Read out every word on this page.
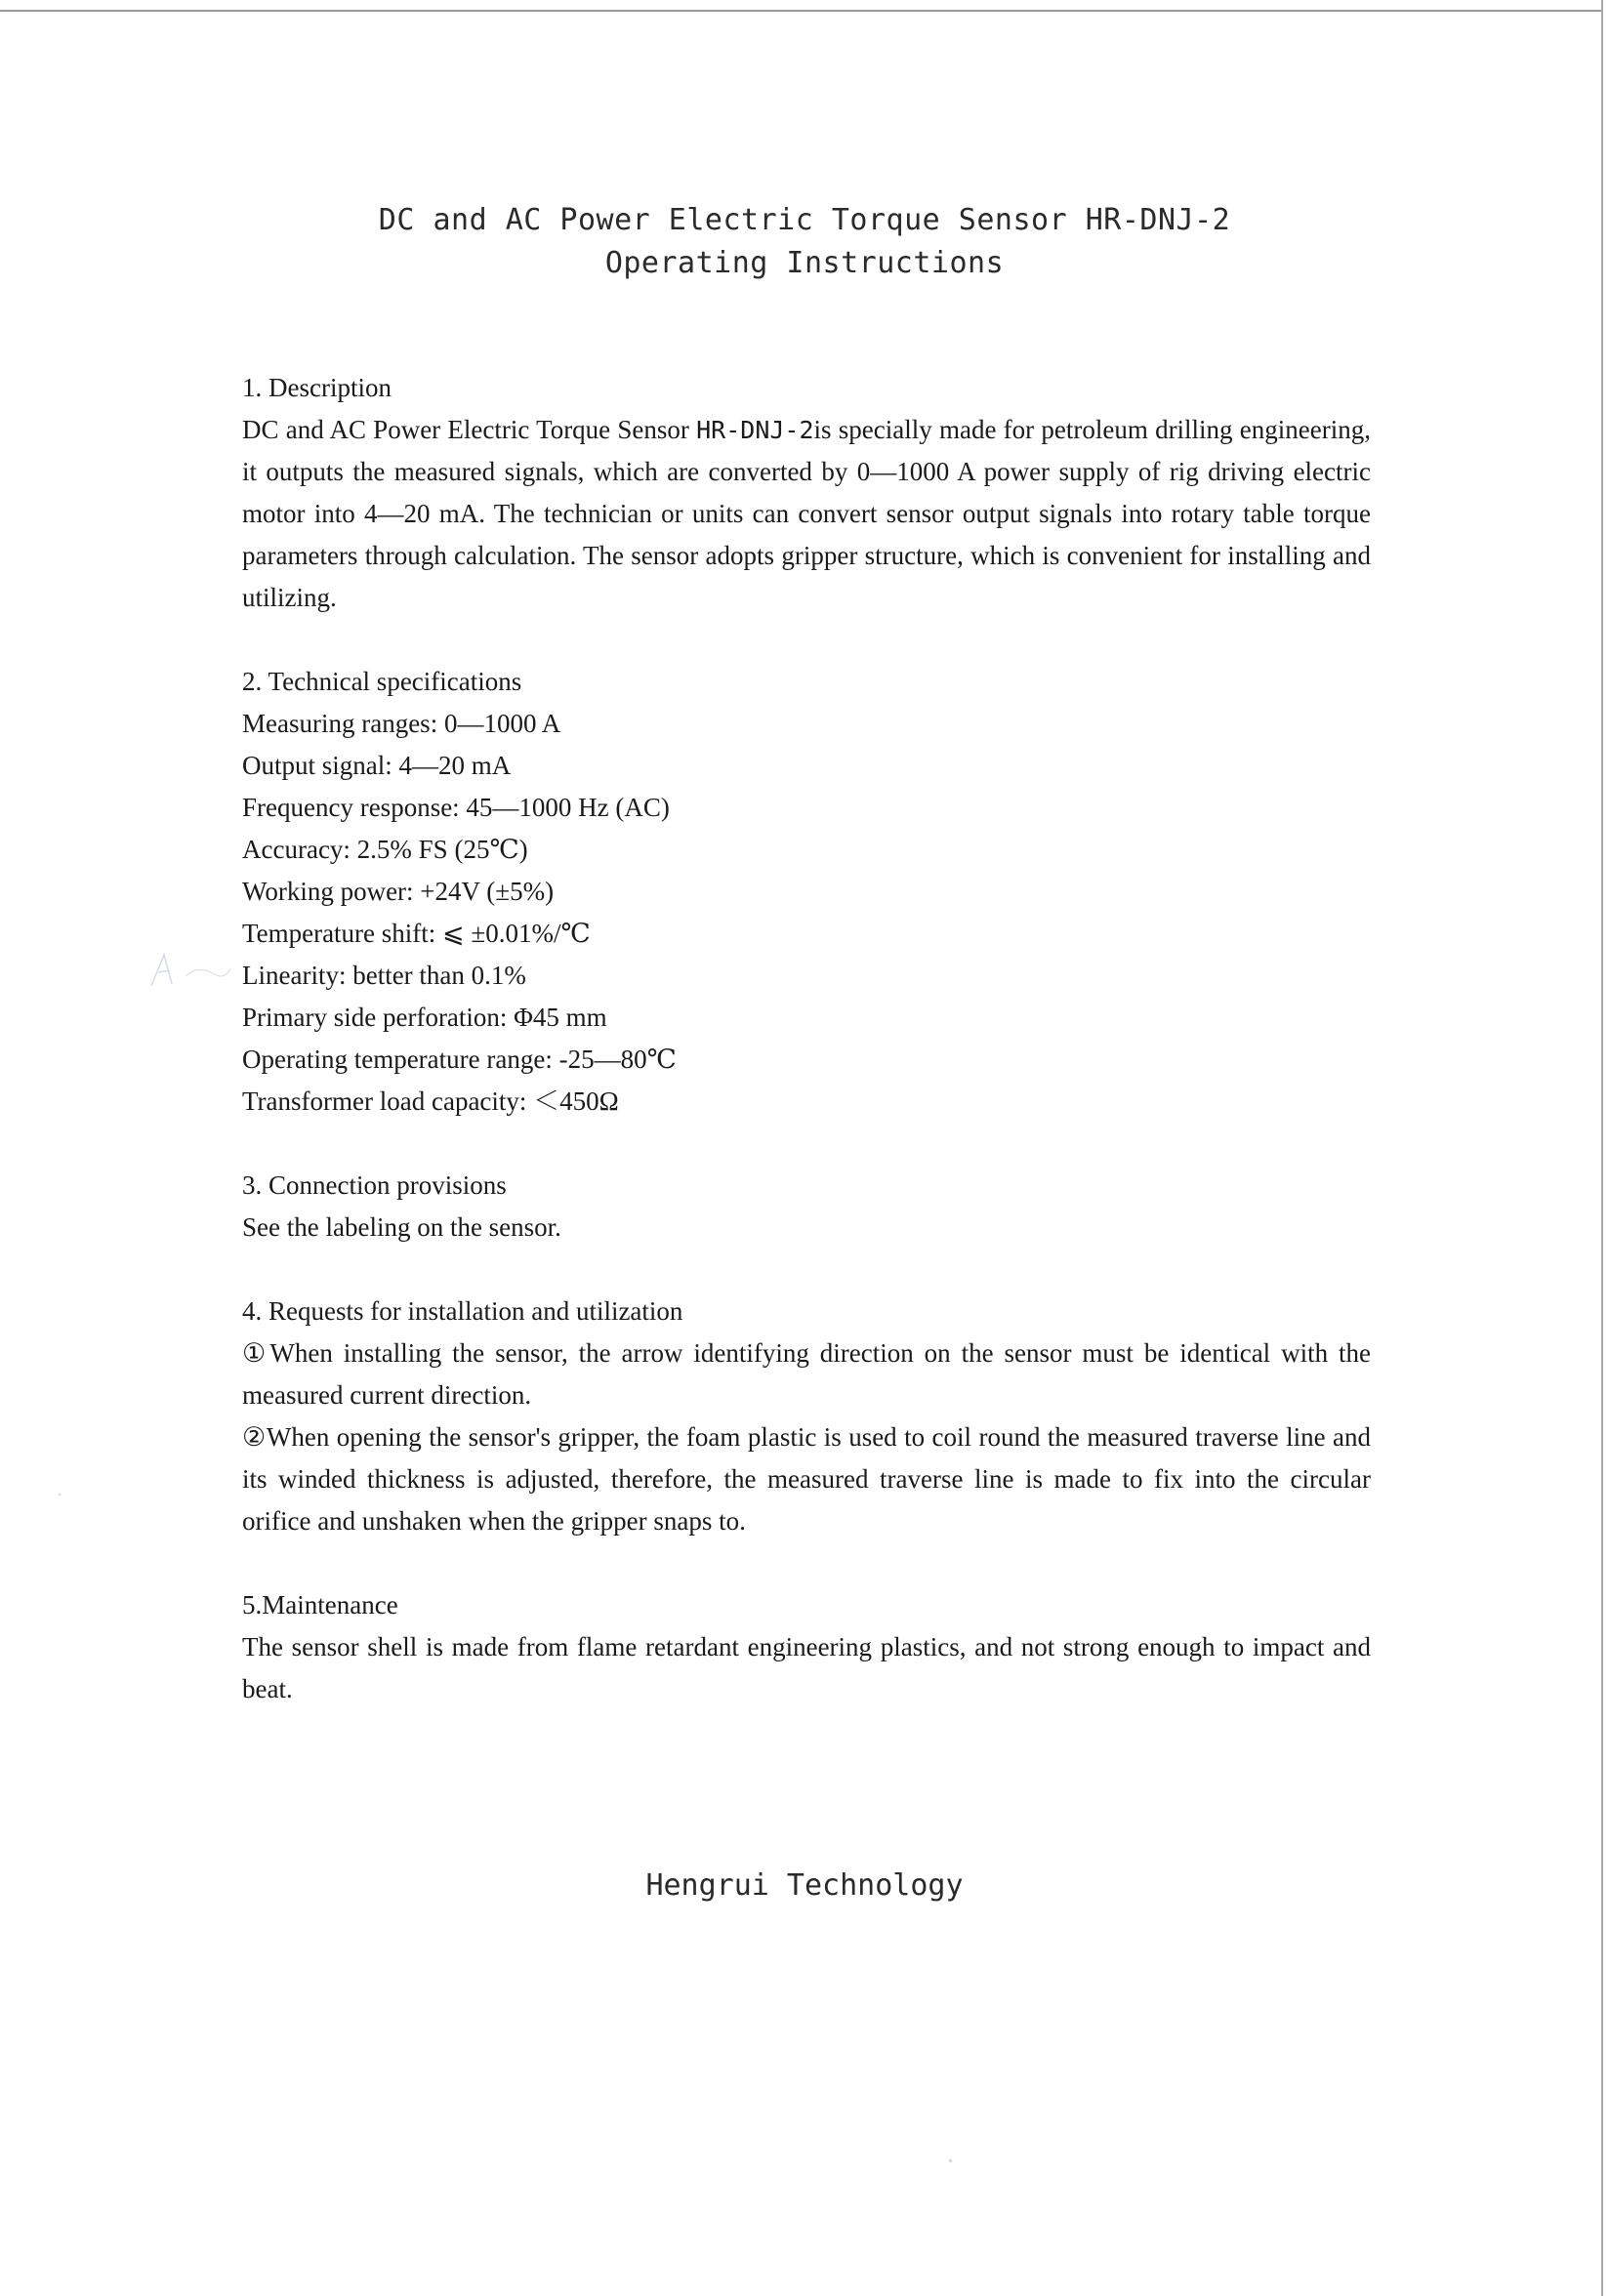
DC and AC Power Electric Torque Sensor HR-DNJ-2
Operating Instructions
1. Description
DC and AC Power Electric Torque Sensor HR-DNJ-2is specially made for petroleum drilling engineering, it outputs the measured signals, which are converted by 0—1000 A power supply of rig driving electric motor into 4—20 mA. The technician or units can convert sensor output signals into rotary table torque parameters through calculation. The sensor adopts gripper structure, which is convenient for installing and utilizing.
2. Technical specifications
Measuring ranges: 0—1000 A
Output signal: 4—20 mA
Frequency response: 45—1000 Hz (AC)
Accuracy: 2.5% FS (25℃)
Working power: +24V (±5%)
Temperature shift: ⩽ ±0.01%/℃
Linearity: better than 0.1%
Primary side perforation: Φ45 mm
Operating temperature range: -25—80℃
Transformer load capacity: ＜450Ω
3. Connection provisions
See the labeling on the sensor.
4. Requests for installation and utilization
①When installing the sensor, the arrow identifying direction on the sensor must be identical with the measured current direction.
②When opening the sensor's gripper, the foam plastic is used to coil round the measured traverse line and its winded thickness is adjusted, therefore, the measured traverse line is made to fix into the circular orifice and unshaken when the gripper snaps to.
5.Maintenance
The sensor shell is made from flame retardant engineering plastics, and not strong enough to impact and beat.
Hengrui Technology
